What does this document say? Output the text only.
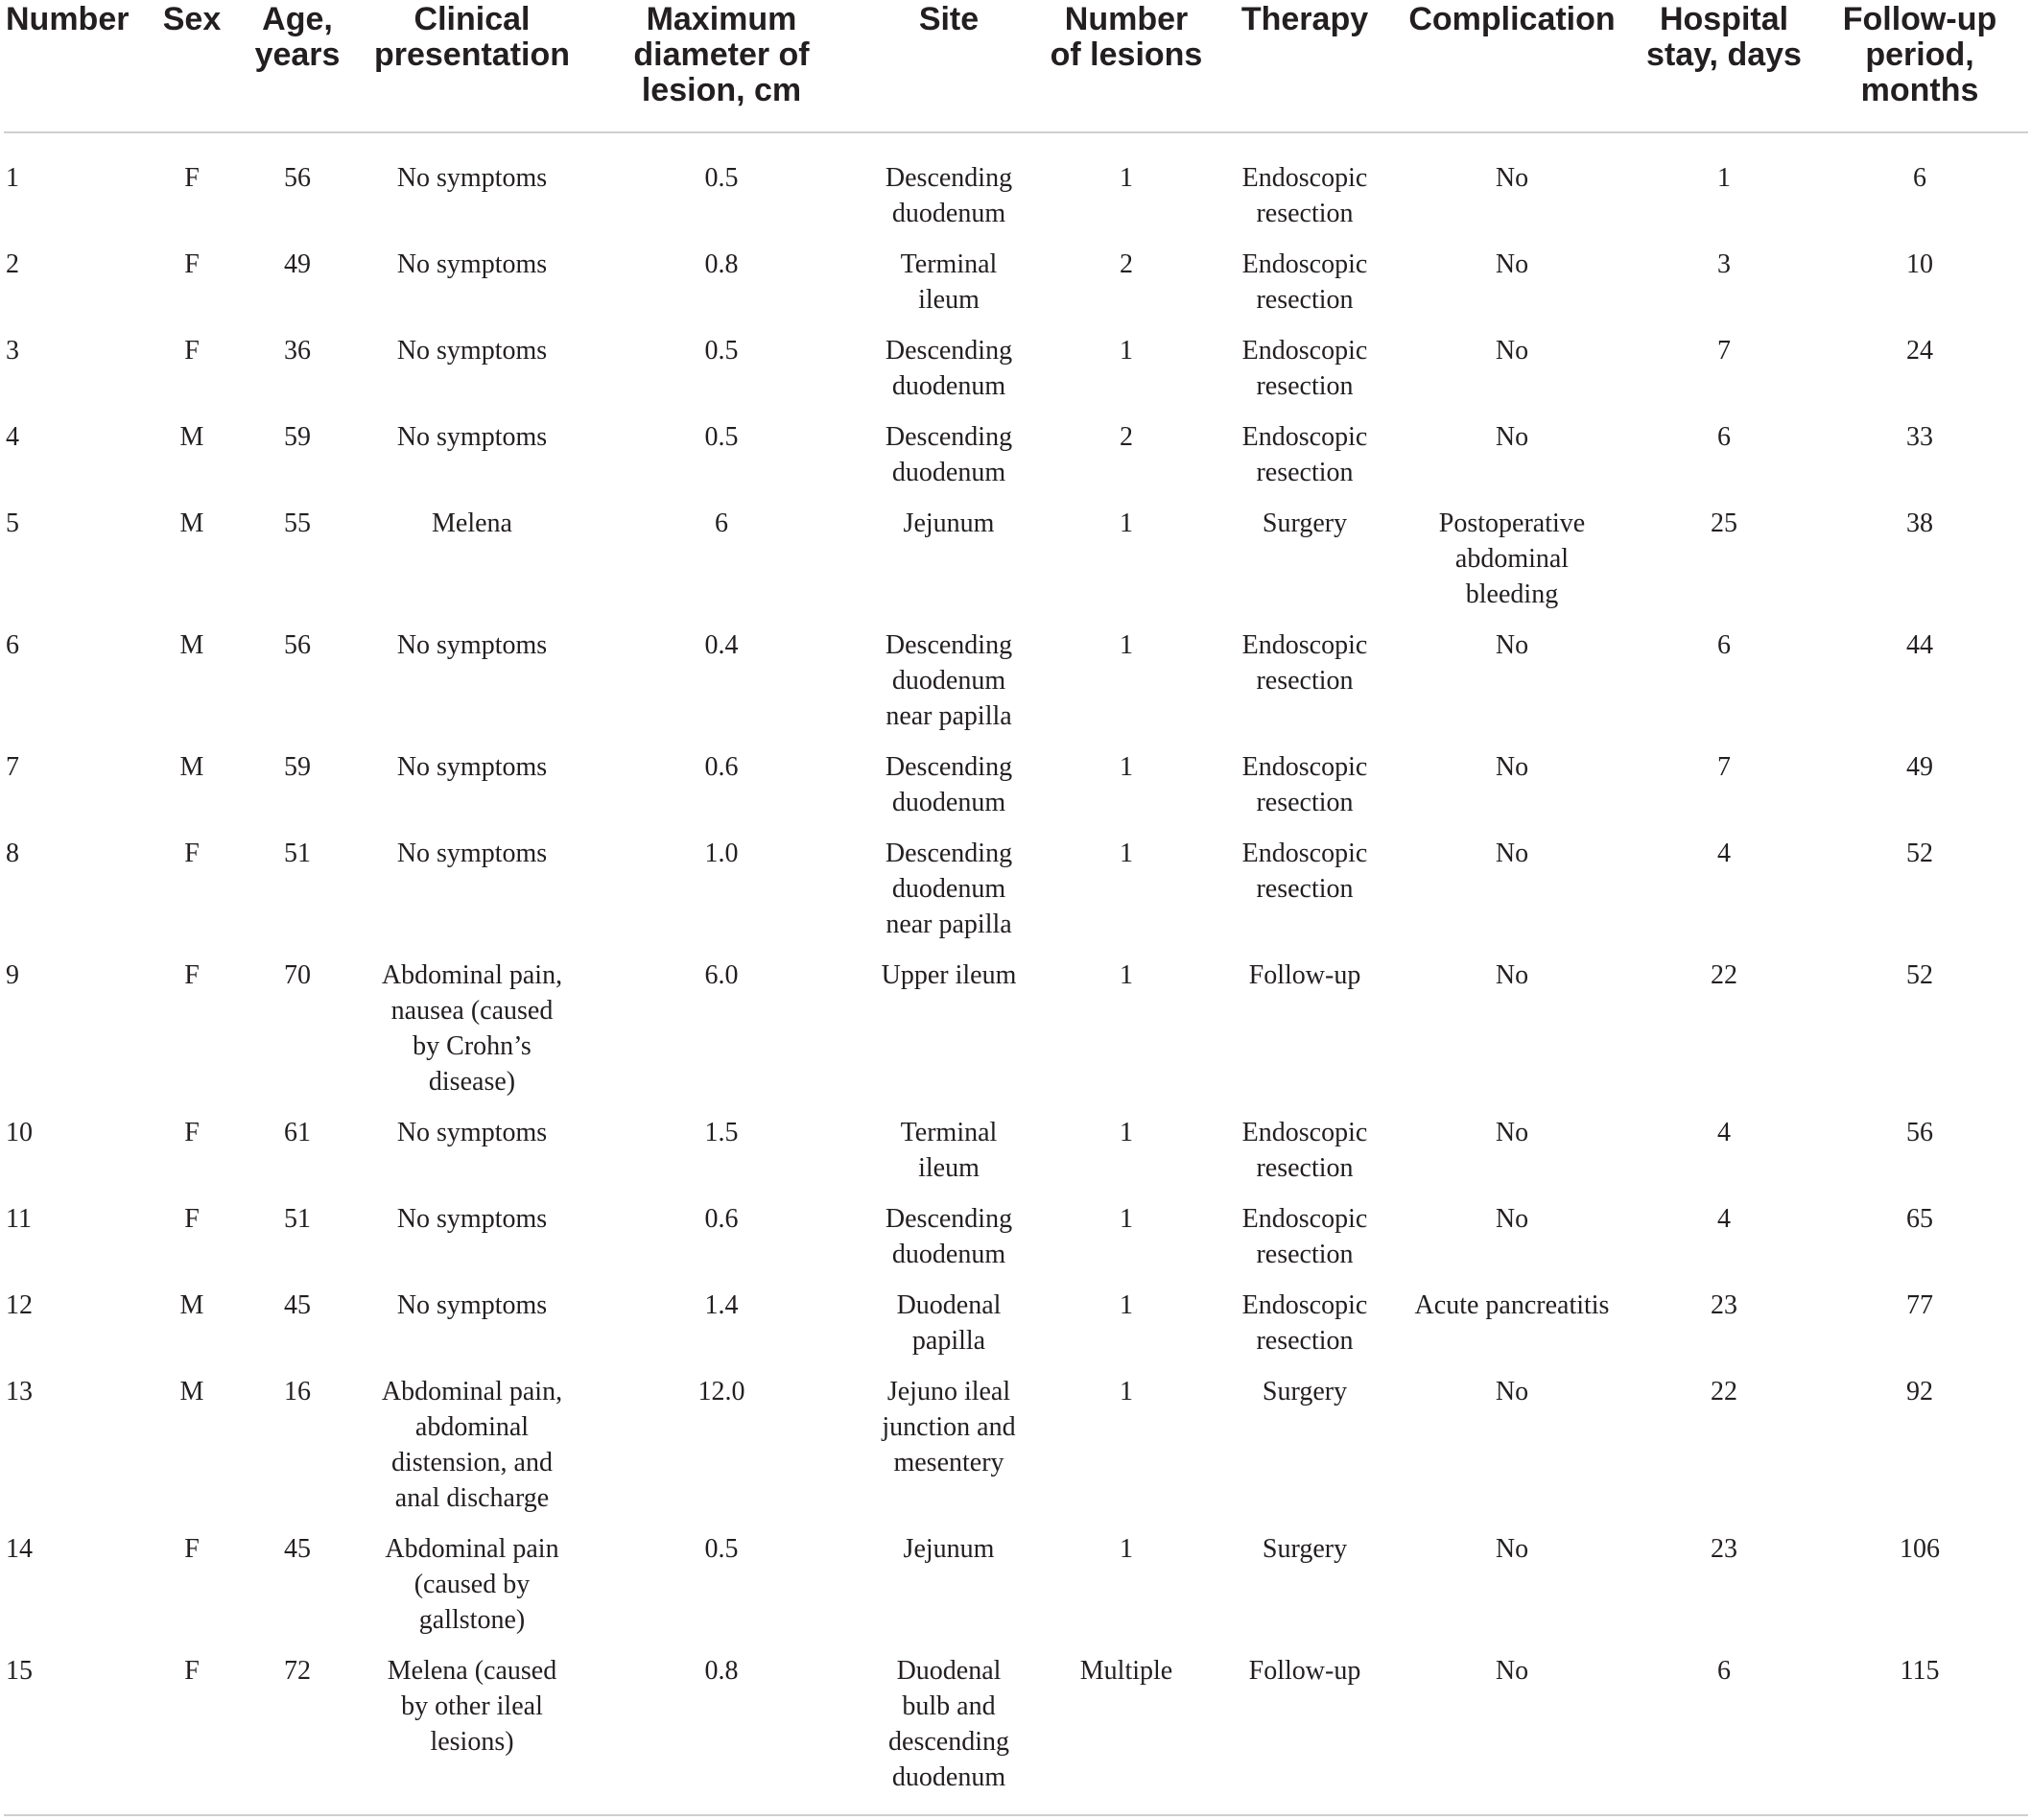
Number	Sex	Age,
years	Clinical
presentation	Maximum
diameter of
lesion, cm	Site	Number
of lesions	Therapy	Complication	Hospital
stay, days	Follow-up
period,
months
1	F	56	No symptoms	0.5	Descending
duodenum	1	Endoscopic
resection	No	1	6
2	F	49	No symptoms	0.8	Terminal
ileum	2	Endoscopic
resection	No	3	10
3	F	36	No symptoms	0.5	Descending
duodenum	1	Endoscopic
resection	No	7	24
4	M	59	No symptoms	0.5	Descending
duodenum	2	Endoscopic
resection	No	6	33
5	M	55	Melena	6	Jejunum	1	Surgery	Postoperative
abdominal
bleeding	25	38
6	M	56	No symptoms	0.4	Descending
duodenum
near papilla	1	Endoscopic
resection	No	6	44
7	M	59	No symptoms	0.6	Descending
duodenum	1	Endoscopic
resection	No	7	49
8	F	51	No symptoms	1.0	Descending
duodenum
near papilla	1	Endoscopic
resection	No	4	52
9	F	70	Abdominal pain,
nausea (caused
by Crohn’s
disease)	6.0	Upper ileum	1	Follow-up	No	22	52
10	F	61	No symptoms	1.5	Terminal
ileum	1	Endoscopic
resection	No	4	56
11	F	51	No symptoms	0.6	Descending
duodenum	1	Endoscopic
resection	No	4	65
12	M	45	No symptoms	1.4	Duodenal
papilla	1	Endoscopic
resection	Acute pancreatitis	23	77
13	M	16	Abdominal pain,
abdominal
distension, and
anal discharge	12.0	Jejuno ileal
junction and
mesentery	1	Surgery	No	22	92
14	F	45	Abdominal pain
(caused by
gallstone)	0.5	Jejunum	1	Surgery	No	23	106
15	F	72	Melena (caused
by other ileal
lesions)	0.8	Duodenal
bulb and
descending
duodenum	Multiple	Follow-up	No	6	115
